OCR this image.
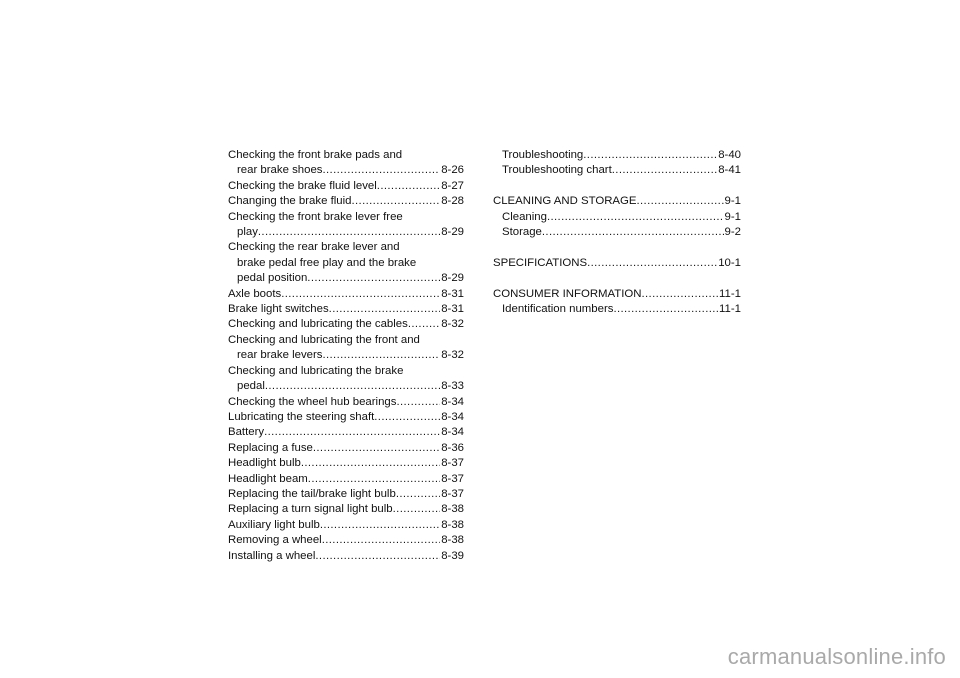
Checking the front brake pads and
rear brake shoes . . .	8-26
Checking the brake fluid level . . .	8-27
Changing the brake fluid . . .	8-28
Checking the front brake lever free
play . . .	8-29
Checking the rear brake lever and
brake pedal free play and the brake
pedal position . . .	8-29
Axle boots . . .	8-31
Brake light switches . . .	8-31
Checking and lubricating the cables . . .	8-32
Checking and lubricating the front and
rear brake levers . . .	8-32
Checking and lubricating the brake
pedal . . .	8-33
Checking the wheel hub bearings . . .	8-34
Lubricating the steering shaft . . .	8-34
Battery . . .	8-34
Replacing a fuse . . .	8-36
Headlight bulb . . .	8-37
Headlight beam . . .	8-37
Replacing the tail/brake light bulb . . .	8-37
Replacing a turn signal light bulb . . .	8-38
Auxiliary light bulb . . .	8-38
Removing a wheel . . .	8-38
Installing a wheel . . .	8-39
Troubleshooting . . .	8-40
Troubleshooting chart . . .	8-41
CLEANING AND STORAGE . . .	9-1
Cleaning . . .	9-1
Storage . . .	9-2
SPECIFICATIONS . . .	10-1
CONSUMER INFORMATION . . .	11-1
Identification numbers . . .	11-1
carmanualsonline.info
